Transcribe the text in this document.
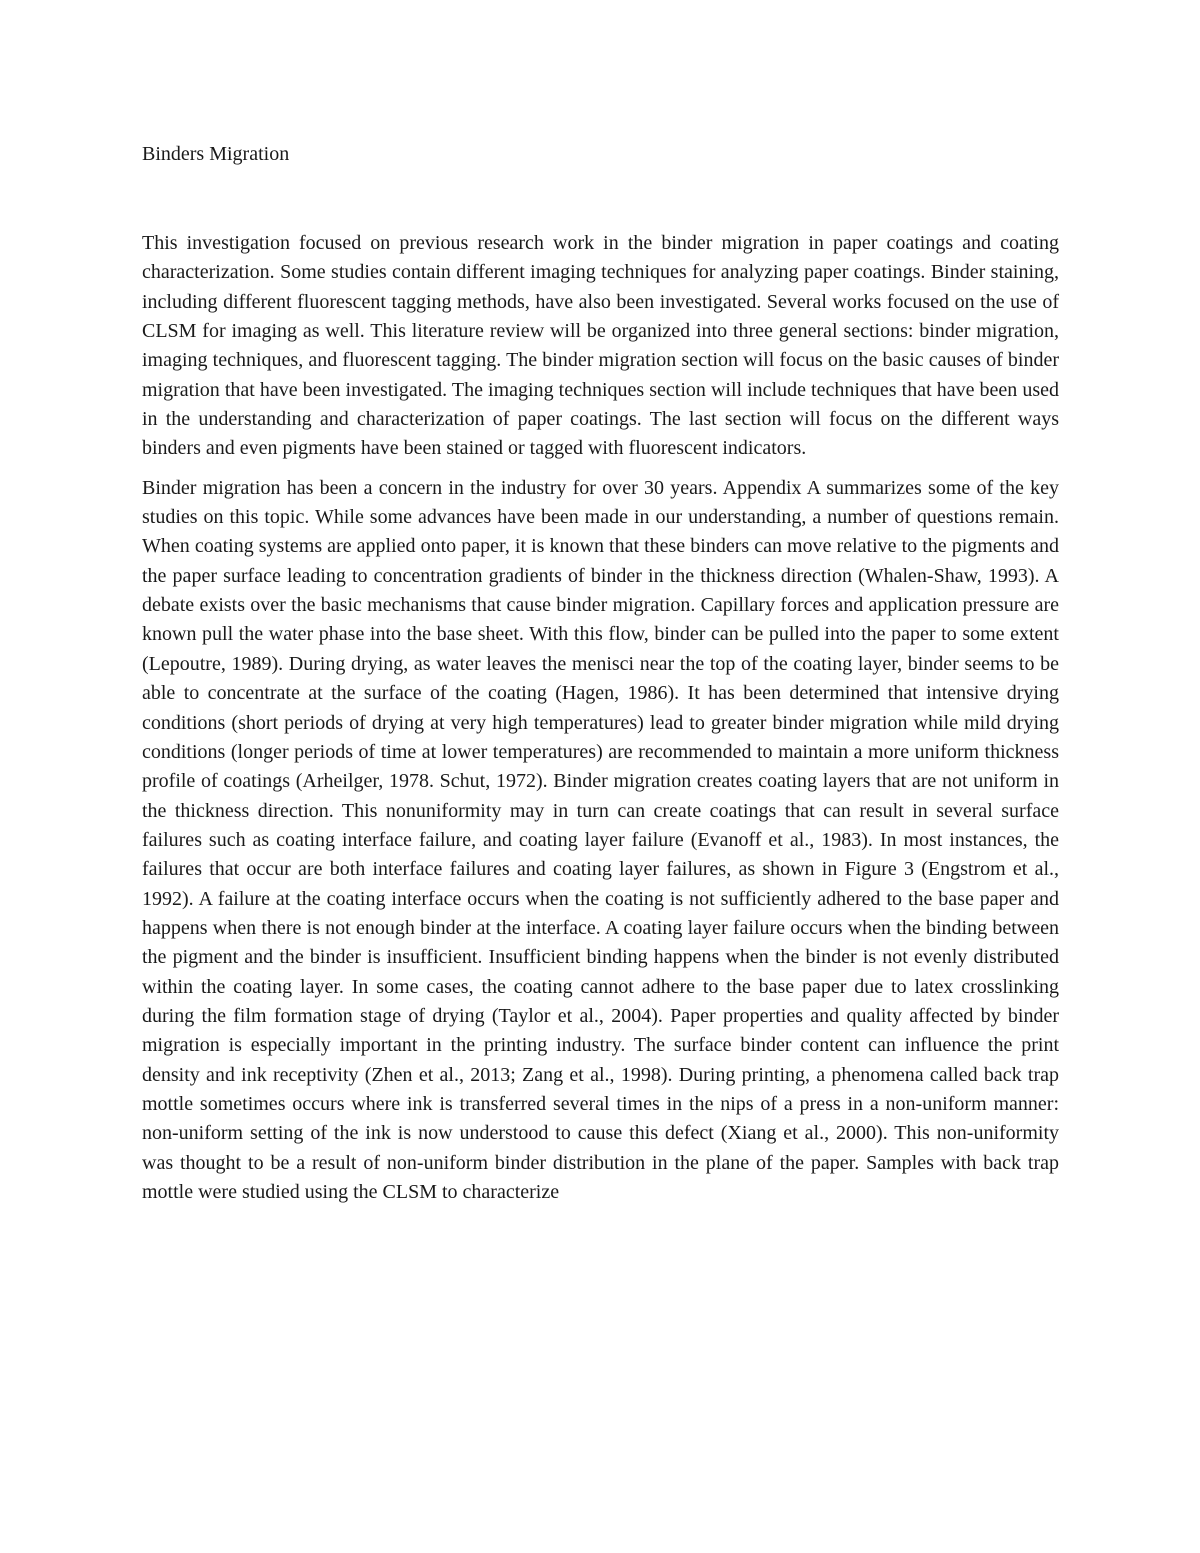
Binders Migration

This investigation focused on previous research work in the binder migration in paper coatings and coating characterization. Some studies contain different imaging techniques for analyzing paper coatings. Binder staining, including different fluorescent tagging methods, have also been investigated. Several works focused on the use of CLSM for imaging as well. This literature review will be organized into three general sections: binder migration, imaging techniques, and fluorescent tagging. The binder migration section will focus on the basic causes of binder migration that have been investigated. The imaging techniques section will include techniques that have been used in the understanding and characterization of paper coatings. The last section will focus on the different ways binders and even pigments have been stained or tagged with fluorescent indicators.

Binder migration has been a concern in the industry for over 30 years. Appendix A summarizes some of the key studies on this topic. While some advances have been made in our understanding, a number of questions remain. When coating systems are applied onto paper, it is known that these binders can move relative to the pigments and the paper surface leading to concentration gradients of binder in the thickness direction (Whalen-Shaw, 1993). A debate exists over the basic mechanisms that cause binder migration. Capillary forces and application pressure are known pull the water phase into the base sheet. With this flow, binder can be pulled into the paper to some extent (Lepoutre, 1989). During drying, as water leaves the menisci near the top of the coating layer, binder seems to be able to concentrate at the surface of the coating (Hagen, 1986). It has been determined that intensive drying conditions (short periods of drying at very high temperatures) lead to greater binder migration while mild drying conditions (longer periods of time at lower temperatures) are recommended to maintain a more uniform thickness profile of coatings (Arheilger, 1978. Schut, 1972). Binder migration creates coating layers that are not uniform in the thickness direction. This nonuniformity may in turn can create coatings that can result in several surface failures such as coating interface failure, and coating layer failure (Evanoff et al., 1983). In most instances, the failures that occur are both interface failures and coating layer failures, as shown in Figure 3 (Engstrom et al., 1992). A failure at the coating interface occurs when the coating is not sufficiently adhered to the base paper and happens when there is not enough binder at the interface. A coating layer failure occurs when the binding between the pigment and the binder is insufficient. Insufficient binding happens when the binder is not evenly distributed within the coating layer. In some cases, the coating cannot adhere to the base paper due to latex crosslinking during the film formation stage of drying (Taylor et al., 2004). Paper properties and quality affected by binder migration is especially important in the printing industry. The surface binder content can influence the print density and ink receptivity (Zhen et al., 2013; Zang et al., 1998). During printing, a phenomena called back trap mottle sometimes occurs where ink is transferred several times in the nips of a press in a non-uniform manner: non-uniform setting of the ink is now understood to cause this defect (Xiang et al., 2000). This non-uniformity was thought to be a result of non-uniform binder distribution in the plane of the paper. Samples with back trap mottle were studied using the CLSM to characterize
